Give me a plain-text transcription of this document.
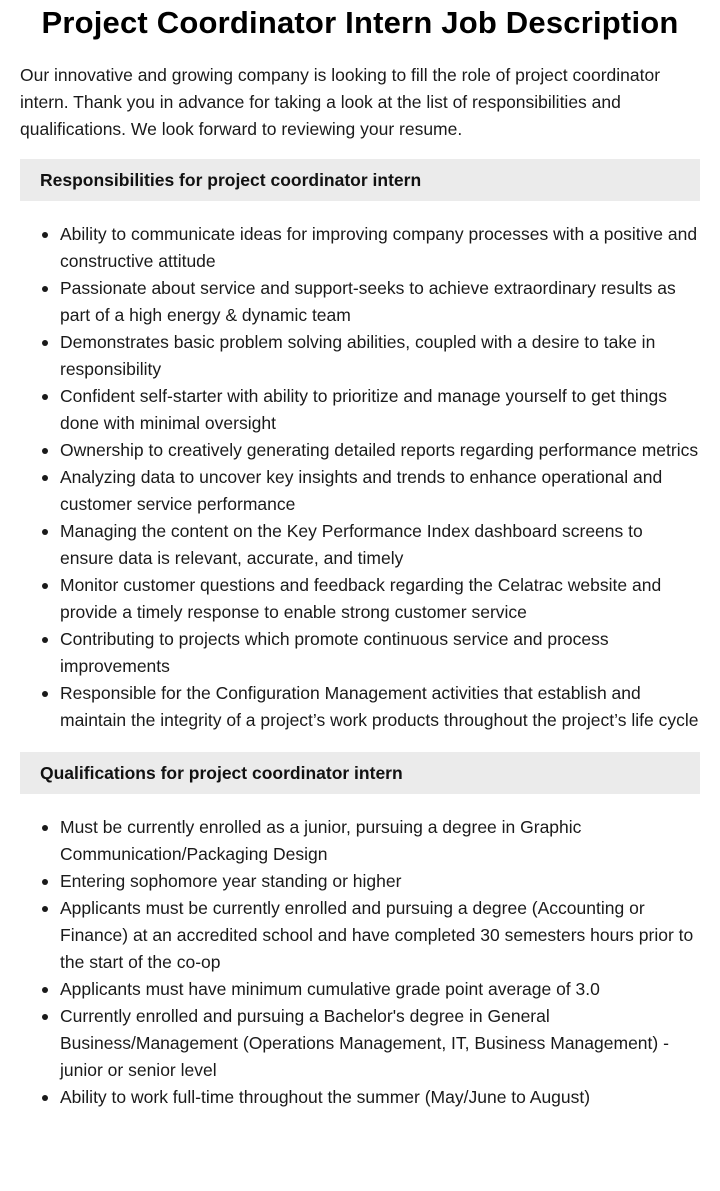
Project Coordinator Intern Job Description

Our innovative and growing company is looking to fill the role of project coordinator intern. Thank you in advance for taking a look at the list of responsibilities and qualifications. We look forward to reviewing your resume.

Responsibilities for project coordinator intern
Ability to communicate ideas for improving company processes with a positive and constructive attitude
Passionate about service and support-seeks to achieve extraordinary results as part of a high energy & dynamic team
Demonstrates basic problem solving abilities, coupled with a desire to take in responsibility
Confident self-starter with ability to prioritize and manage yourself to get things done with minimal oversight
Ownership to creatively generating detailed reports regarding performance metrics
Analyzing data to uncover key insights and trends to enhance operational and customer service performance
Managing the content on the Key Performance Index dashboard screens to ensure data is relevant, accurate, and timely
Monitor customer questions and feedback regarding the Celatrac website and provide a timely response to enable strong customer service
Contributing to projects which promote continuous service and process improvements
Responsible for the Configuration Management activities that establish and maintain the integrity of a project’s work products throughout the project’s life cycle
Qualifications for project coordinator intern
Must be currently enrolled as a junior, pursuing a degree in Graphic Communication/Packaging Design
Entering sophomore year standing or higher
Applicants must be currently enrolled and pursuing a degree (Accounting or Finance) at an accredited school and have completed 30 semesters hours prior to the start of the co-op
Applicants must have minimum cumulative grade point average of 3.0
Currently enrolled and pursuing a Bachelor's degree in General Business/Management (Operations Management, IT, Business Management) - junior or senior level
Ability to work full-time throughout the summer (May/June to August)
